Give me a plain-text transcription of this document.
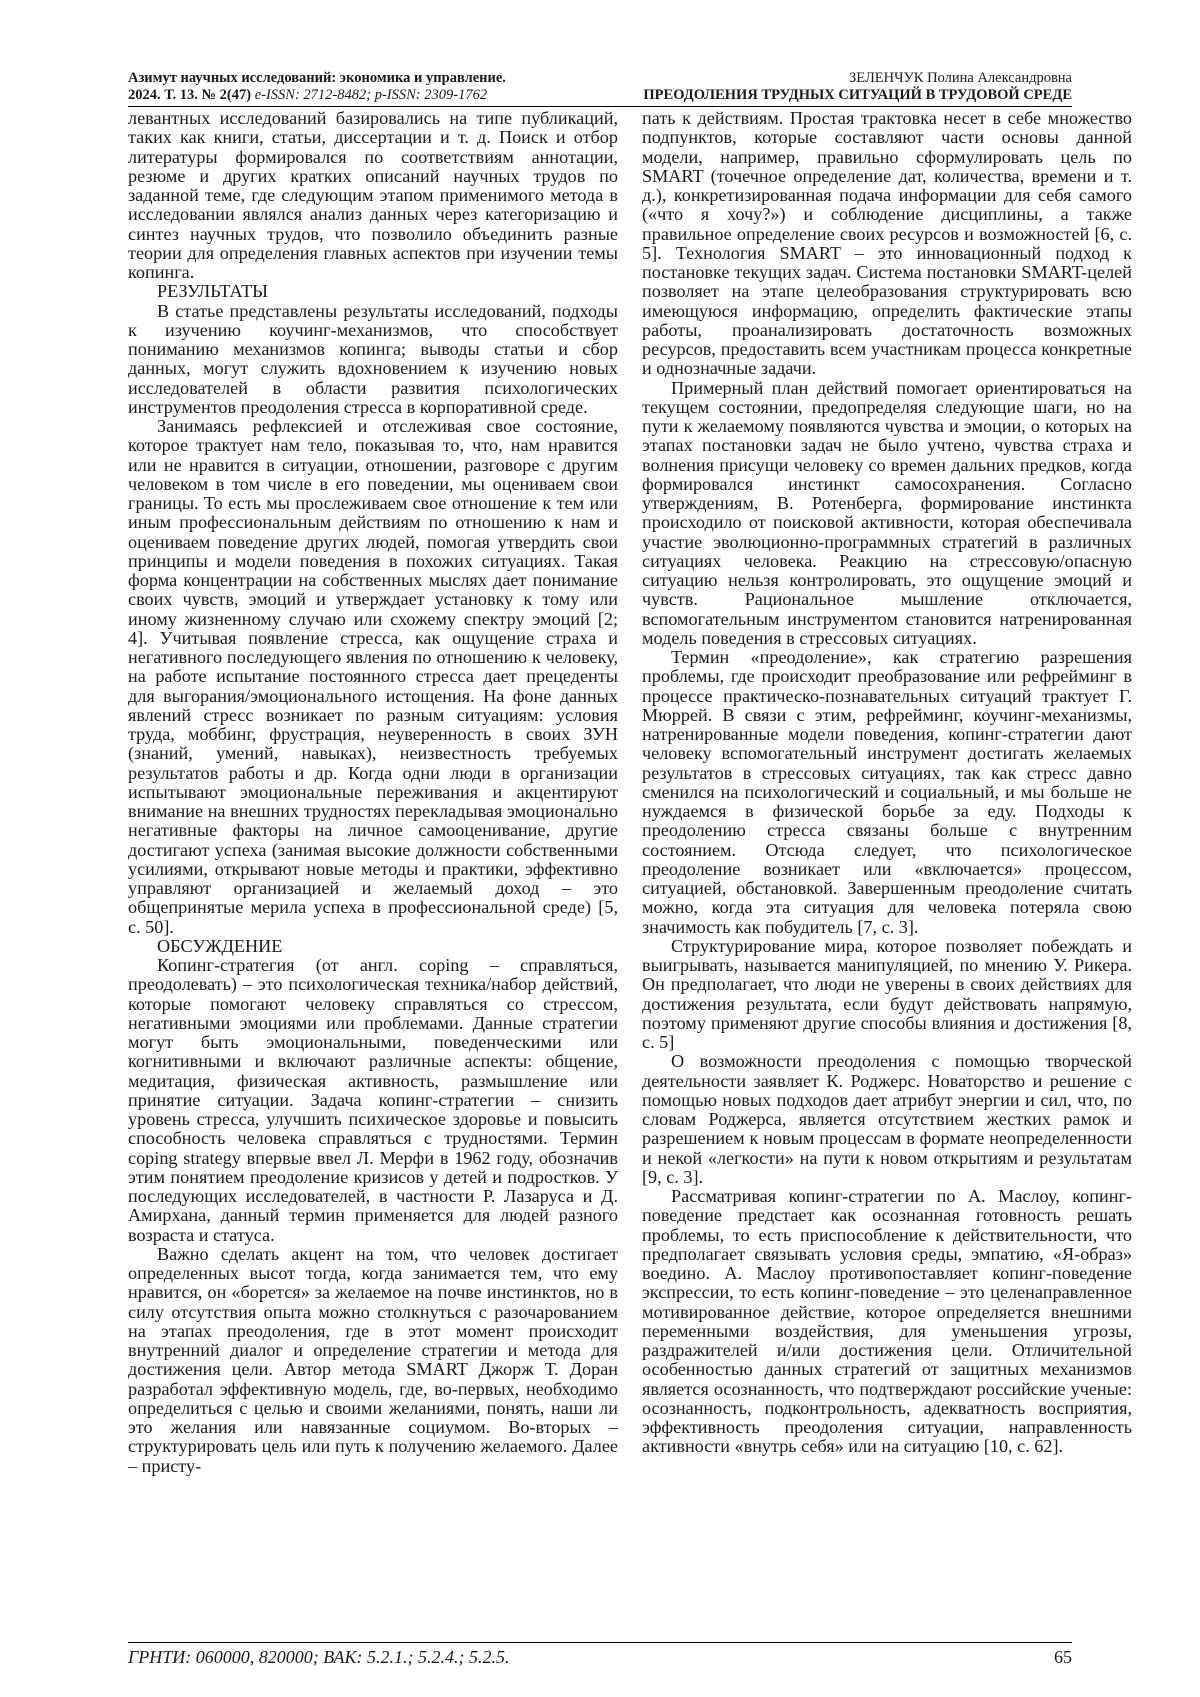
Азимут научных исследований: экономика и управление.
2024. Т. 13. № 2(47) e-ISSN: 2712-8482; p-ISSN: 2309-1762
ЗЕЛЕНЧУК Полина Александровна
ПРЕОДОЛЕНИЯ ТРУДНЫХ СИТУАЦИЙ В ТРУДОВОЙ СРЕДЕ

левантных исследований базировались на типе публикаций, таких как книги, статьи, диссертации и т. д. Поиск и отбор литературы формировался по соответствиям аннотации, резюме и других кратких описаний научных трудов по заданной теме, где следующим этапом применимого метода в исследовании являлся анализ данных через категоризацию и синтез научных трудов, что позволило объединить разные теории для определения главных аспектов при изучении темы копинга.

РЕЗУЛЬТАТЫ

В статье представлены результаты исследований, подходы к изучению коучинг-механизмов, что способствует пониманию механизмов копинга; выводы статьи и сбор данных, могут служить вдохновением к изучению новых исследователей в области развития психологических инструментов преодоления стресса в корпоративной среде.

Занимаясь рефлексией и отслеживая свое состояние, которое трактует нам тело, показывая то, что, нам нравится или не нравится в ситуации, отношении, разговоре с другим человеком в том числе в его поведении, мы оцениваем свои границы. То есть мы прослеживаем свое отношение к тем или иным профессиональным действиям по отношению к нам и оцениваем поведение других людей, помогая утвердить свои принципы и модели поведения в похожих ситуациях. Такая форма концентрации на собственных мыслях дает понимание своих чувств, эмоций и утверждает установку к тому или иному жизненному случаю или схожему спектру эмоций [2; 4]. Учитывая появление стресса, как ощущение страха и негативного последующего явления по отношению к человеку, на работе испытание постоянного стресса дает прецеденты для выгорания/эмоционального истощения. На фоне данных явлений стресс возникает по разным ситуациям: условия труда, моббинг, фрустрация, неуверенность в своих ЗУН (знаний, умений, навыках), неизвестность требуемых результатов работы и др. Когда одни люди в организации испытывают эмоциональные переживания и акцентируют внимание на внешних трудностях перекладывая эмоционально негативные факторы на личное самооценивание, другие достигают успеха (занимая высокие должности собственными усилиями, открывают новые методы и практики, эффективно управляют организацией и желаемый доход – это общепринятые мерила успеха в профессиональной среде) [5, с. 50].

ОБСУЖДЕНИЕ

Копинг-стратегия (от англ. coping – справляться, преодолевать) – это психологическая техника/набор действий, которые помогают человеку справляться со стрессом, негативными эмоциями или проблемами. Данные стратегии могут быть эмоциональными, поведенческими или когнитивными и включают различные аспекты: общение, медитация, физическая активность, размышление или принятие ситуации. Задача копинг-стратегии – снизить уровень стресса, улучшить психическое здоровье и повысить способность человека справляться с трудностями. Термин coping strategy впервые ввел Л. Мерфи в 1962 году, обозначив этим понятием преодоление кризисов у детей и подростков. У последующих исследователей, в частности Р. Лазаруса и Д. Амирхана, данный термин применяется для людей разного возраста и статуса.

Важно сделать акцент на том, что человек достигает определенных высот тогда, когда занимается тем, что ему нравится, он «борется» за желаемое на почве инстинктов, но в силу отсутствия опыта можно столкнуться с разочарованием на этапах преодоления, где в этот момент происходит внутренний диалог и определение стратегии и метода для достижения цели. Автор метода SMART Джорж Т. Доран разработал эффективную модель, где, во-первых, необходимо определиться с целью и своими желаниями, понять, наши ли это желания или навязанные социумом. Во-вторых – структурировать цель или путь к получению желаемого. Далее – присту-

пать к действиям. Простая трактовка несет в себе множество подпунктов, которые составляют части основы данной модели, например, правильно сформулировать цель по SMART (точечное определение дат, количества, времени и т. д.), конкретизированная подача информации для себя самого («что я хочу?») и соблюдение дисциплины, а также правильное определение своих ресурсов и возможностей [6, с. 5]. Технология SMART – это инновационный подход к постановке текущих задач. Система постановки SMART-целей позволяет на этапе целеобразования структурировать всю имеющуюся информацию, определить фактические этапы работы, проанализировать достаточность возможных ресурсов, предоставить всем участникам процесса конкретные и однозначные задачи.

Примерный план действий помогает ориентироваться на текущем состоянии, предопределяя следующие шаги, но на пути к желаемому появляются чувства и эмоции, о которых на этапах постановки задач не было учтено, чувства страха и волнения присущи человеку со времен дальних предков, когда формировался инстинкт самосохранения. Согласно утверждениям, В. Ротенберга, формирование инстинкта происходило от поисковой активности, которая обеспечивала участие эволюционно-программных стратегий в различных ситуациях человека. Реакцию на стрессовую/опасную ситуацию нельзя контролировать, это ощущение эмоций и чувств. Рациональное мышление отключается, вспомогательным инструментом становится натренированная модель поведения в стрессовых ситуациях.

Термин «преодоление», как стратегию разрешения проблемы, где происходит преобразование или рефрейминг в процессе практическо-познавательных ситуаций трактует Г. Мюррей. В связи с этим, рефрейминг, коучинг-механизмы, натренированные модели поведения, копинг-стратегии дают человеку вспомогательный инструмент достигать желаемых результатов в стрессовых ситуациях, так как стресс давно сменился на психологический и социальный, и мы больше не нуждаемся в физической борьбе за еду. Подходы к преодолению стресса связаны больше с внутренним состоянием. Отсюда следует, что психологическое преодоление возникает или «включается» процессом, ситуацией, обстановкой. Завершенным преодоление считать можно, когда эта ситуация для человека потеряла свою значимость как побудитель [7, с. 3].

Структурирование мира, которое позволяет побеждать и выигрывать, называется манипуляцией, по мнению У. Рикера. Он предполагает, что люди не уверены в своих действиях для достижения результата, если будут действовать напрямую, поэтому применяют другие способы влияния и достижения [8, с. 5]

О возможности преодоления с помощью творческой деятельности заявляет К. Роджерс. Новаторство и решение с помощью новых подходов дает атрибут энергии и сил, что, по словам Роджерса, является отсутствием жестких рамок и разрешением к новым процессам в формате неопределенности и некой «легкости» на пути к новом открытиям и результатам [9, с. 3].

Рассматривая копинг-стратегии по А. Маслоу, копинг-поведение предстает как осознанная готовность решать проблемы, то есть приспособление к действительности, что предполагает связывать условия среды, эмпатию, «Я-образ» воедино. А. Маслоу противопоставляет копинг-поведение экспрессии, то есть копинг-поведение – это целенаправленное мотивированное действие, которое определяется внешними переменными воздействия, для уменьшения угрозы, раздражителей и/или достижения цели. Отличительной особенностью данных стратегий от защитных механизмов является осознанность, что подтверждают российские ученые: осознанность, подконтрольность, адекватность восприятия, эффективность преодоления ситуации, направленность активности «внутрь себя» или на ситуацию [10, с. 62].

ГРНТИ: 060000, 820000; ВАК: 5.2.1.; 5.2.4.; 5.2.5.	65
